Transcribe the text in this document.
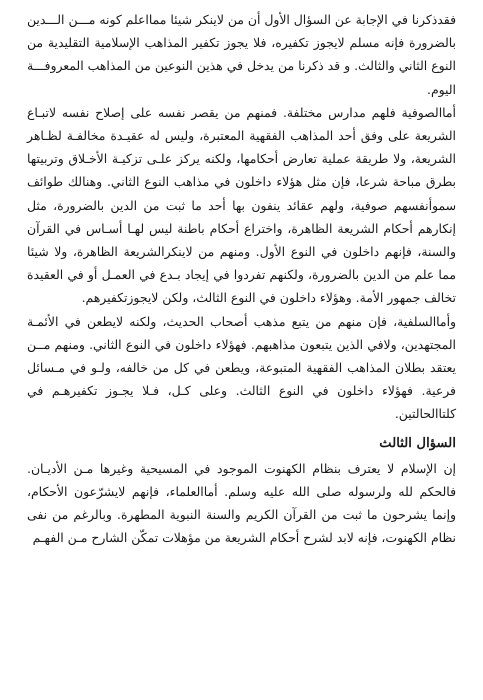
فقدذكرنا في الإجابة عن السؤال الأول أن من لاينكر شيئا ممااعلم كونه مـــن الـــدين بالضرورة فإنه مسلم لايجوز تكفيره، فلا يجوز تكفير المذاهب الإسلامية التقليدية من النوع الثاني والثالث. و قد ذكرنا من يدخل في هذين النوعين من المذاهب المعروفـــة اليوم.

أماالصوفية فلهم مدارس مختلفة. فمنهم من يقصر نفسه على إصلاح نفسه لاتبـاع الشريعة على وفق أحد المذاهب الفقهية المعتبرة، وليس له عقيـدة مخالفـة لظـاهر الشريعة، ولا طريقة عملية تعارض أحكامها، ولكنه يركز علـى تزكيـة الأخـلاق وتربيتها بطرق مباحة شرعا، فإن مثل هؤلاء داخلون في مذاهب النوع الثاني. وهنالك طوائف سموأنفسهم صوفية، ولهم عقائد ينفون بها أحد ما ثبت من الدين بالضرورة، مثل إنكارهم أحكام الشريعة الظاهرة، واختراع أحكام باطنة ليس لهـا أسـاس في القرآن والسنة، فإنهم داخلون في النوع الأول. ومنهم من لاينكرالشريعة الظاهرة، ولا شيئا مما علم من الدين بالضرورة، ولكنهم تفردوا في إيجاد بـدع في العمـل أو في العقيدة تخالف جمهور الأمة. وهؤلاء داخلون في النوع الثالث، ولكن لايجوزتكفيرهم.

وأماالسلفية، فإن منهم من يتبع مذهب أصحاب الحديث، ولكنه لايطعن في الأئمـة المجتهدين، ولافي الذين يتبعون مذاهبهم. فهؤلاء داخلون في النوع الثاني. ومنهم مــن يعتقد بطلان المذاهب الفقهية المتبوعة، ويطعن في كل من خالفه، ولـو في مـسائل فرعية. فهؤلاء داخلون في النوع الثالث. وعلى كـل، فـلا يجـوز تكفيرهـم في كلتاالحالتين.

السؤال الثالث

إن الإسلام لا يعترف بنظام الكهنوت الموجود في المسيحية وغيرها مـن الأديـان. فالحكم لله ولرسوله صلى الله عليه وسلم. أماالعلماء، فإنهم لايشرّعون الأحكام، وإنما يشرحون ما ثبت من القرآن الكريم والسنة النبوية المطهرة. وبالرغم من نفى نظام الكهنوت، فإنه لابد لشرح أحكام الشريعة من مؤهلات تمكّن الشارح مـن الفهـم
